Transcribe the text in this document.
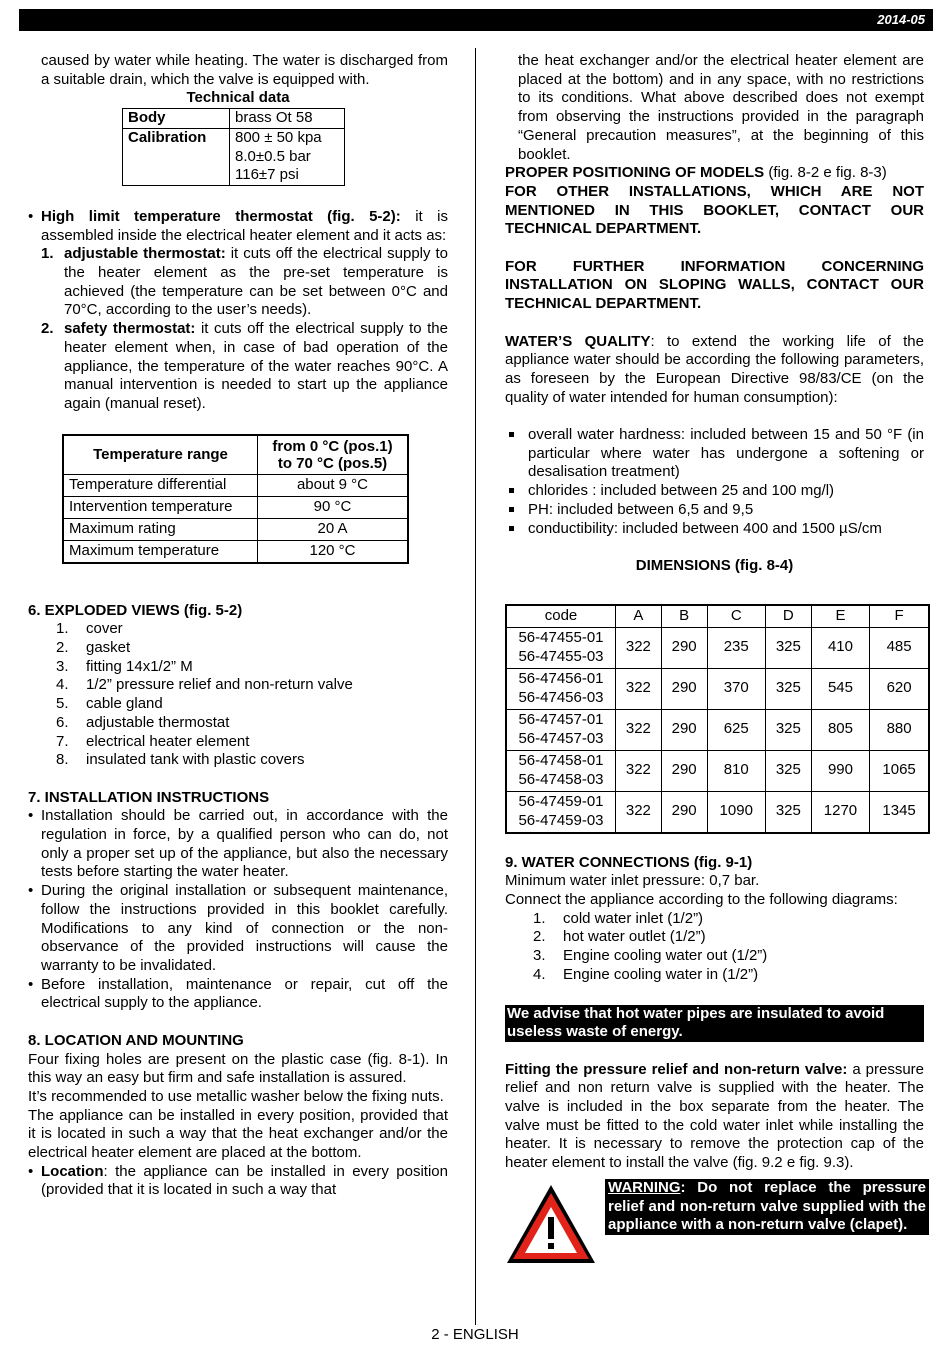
2014-05

caused by water while heating. The water is discharged from a suitable drain, which the valve is equipped with.

Technical data

Body	brass Ot 58
Calibration	800 ± 50 kpa
8.0±0.5 bar
116±7 psi
• High limit temperature thermostat (fig. 5-2): it is assembled inside the electrical heater element and it acts as:
1. adjustable thermostat: it cuts off the electrical supply to the heater element as the pre-set temperature is achieved (the temperature can be set between 0°C and 70°C, according to the user’s needs).
2. safety thermostat: it cuts off the electrical supply to the heater element when, in case of bad operation of the appliance, the temperature of the water reaches 90°C. A manual intervention is needed to start up the appliance again (manual reset).
Temperature range	from 0 °C (pos.1)
to 70 °C (pos.5)

Temperature differential	about 9 °C
Intervention temperature	90 °C
Maximum rating	20 A
Maximum temperature	120 °C

6. EXPLODED VIEWS (fig. 5-2)

1. cover
2. gasket
3. fitting 14x1/2” M
4. 1/2” pressure relief and non-return valve
5. cable gland
6. adjustable thermostat
7. electrical heater element
8. insulated tank with plastic covers

7. INSTALLATION INSTRUCTIONS

• Installation should be carried out, in accordance with the regulation in force, by a qualified person who can do, not only a proper set up of the appliance, but also the necessary tests before starting the water heater.
• During the original installation or subsequent maintenance, follow the instructions provided in this booklet carefully. Modifications to any kind of connection or the non-observance of the provided instructions will cause the warranty to be invalidated.
• Before installation, maintenance or repair, cut off the electrical supply to the appliance.

8. LOCATION AND MOUNTING

Four fixing holes are present on the plastic case (fig. 8-1). In this way an easy but firm and safe installation is assured.

It’s recommended to use metallic washer below the fixing nuts.

The appliance can be installed in every position, provided that it is located in such a way that the heat exchanger and/or the electrical heater element are placed at the bottom.

• Location: the appliance can be installed in every position (provided that it is located in such a way that

the heat exchanger and/or the electrical heater element are placed at the bottom) and in any space, with no restrictions to its conditions. What above described does not exempt from observing the instructions provided in the paragraph “General precaution measures”, at the beginning of this booklet.

PROPER POSITIONING OF MODELS (fig. 8-2 e fig. 8-3)

FOR OTHER INSTALLATIONS, WHICH ARE NOT MENTIONED IN THIS BOOKLET, CONTACT OUR TECHNICAL DEPARTMENT.

FOR FURTHER INFORMATION CONCERNING INSTALLATION ON SLOPING WALLS, CONTACT OUR TECHNICAL DEPARTMENT.

WATER’S QUALITY: to extend the working life of the appliance water should be according the following parameters, as foreseen by the European Directive 98/83/CE (on the quality of water intended for human consumption):

overall water hardness: included between 15 and 50 °F (in particular where water has undergone a softening or desalisation treatment)
chlorides : included between 25 and 100 mg/l)
PH: included between 6,5 and 9,5
conductibility: included between 400 and 1500 µS/cm

DIMENSIONS (fig. 8-4)

code	A	B	C	D	E	F

56-47455-01
56-47455-03	322	290	235	325	410	485

56-47456-01
56-47456-03	322	290	370	325	545	620

56-47457-01
56-47457-03	322	290	625	325	805	880

56-47458-01
56-47458-03	322	290	810	325	990	1065

56-47459-01
56-47459-03	322	290	1090	325	1270	1345

9. WATER CONNECTIONS (fig. 9-1)

Minimum water inlet pressure: 0,7 bar.

Connect the appliance according to the following diagrams:

1. cold water inlet (1/2”)
2. hot water outlet (1/2”)
3. Engine cooling water out (1/2”)
4. Engine cooling water in (1/2”)

We advise that hot water pipes are insulated to avoid useless waste of energy.

Fitting the pressure relief and non-return valve: a pressure relief and non return valve is supplied with the heater. The valve is included in the box separate from the heater. The valve must be fitted to the cold water inlet while installing the heater. It is necessary to remove the protection cap of the heater element to install the valve (fig. 9.2 e fig. 9.3).

WARNING: Do not replace the pressure relief and non-return valve supplied with the appliance with a non-return valve (clapet).
2 - ENGLISH
